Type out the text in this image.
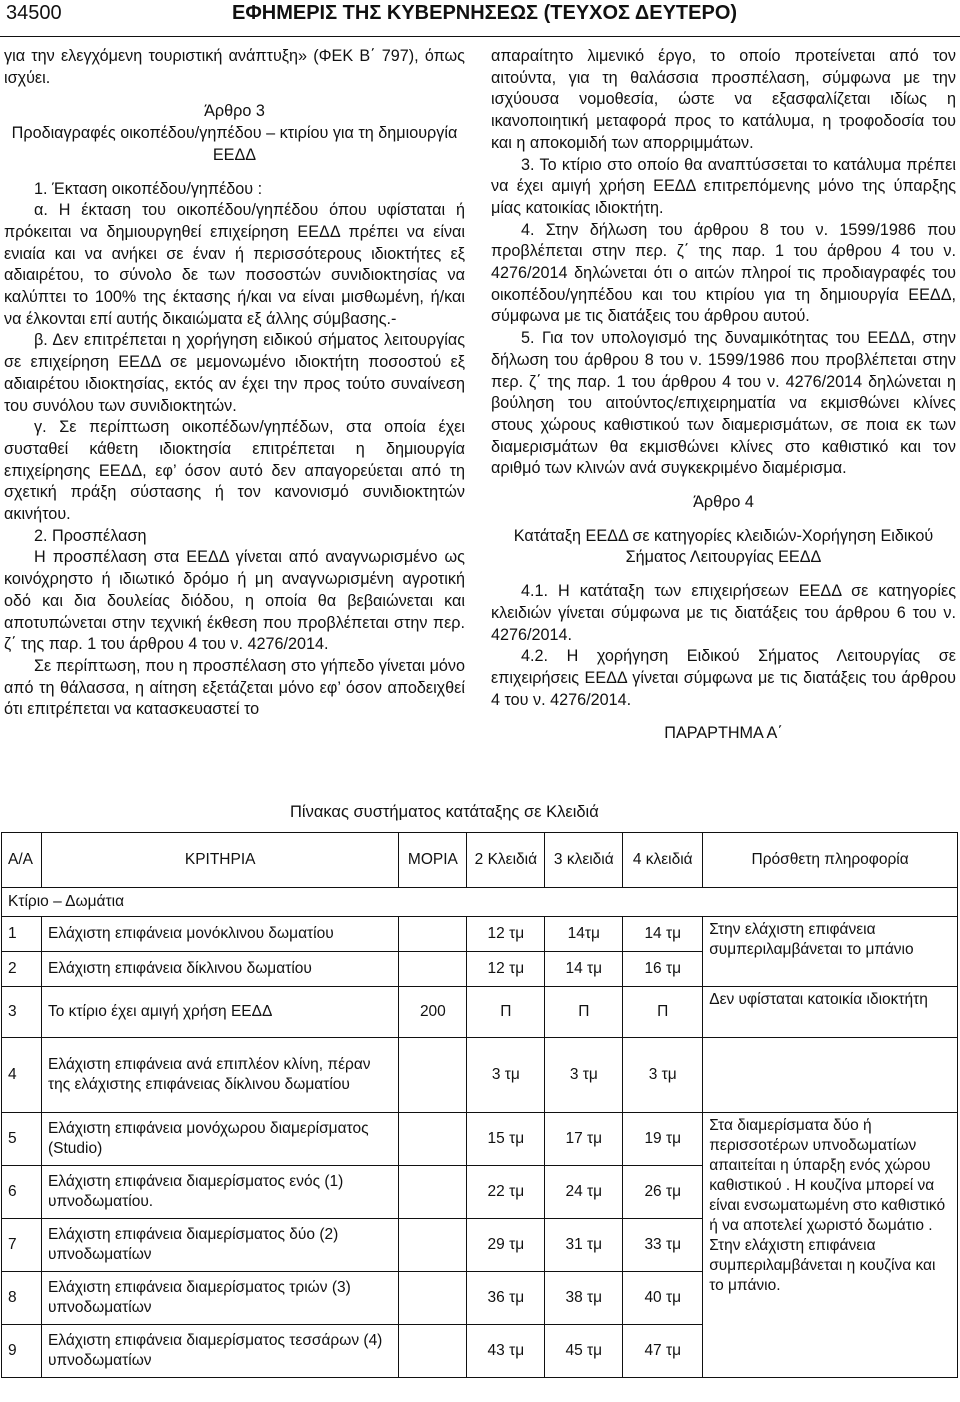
34500	ΕΦΗΜΕΡΙΣ ΤΗΣ ΚΥΒΕΡΝΗΣΕΩΣ (ΤΕΥΧΟΣ ΔΕΥΤΕΡΟ)

για την ελεγχόμενη τουριστική ανάπτυξη» (ΦΕΚ Β΄ 797), όπως ισχύει.

Άρθρο 3

Προδιαγραφές οικοπέδου/γηπέδου – κτιρίου για τη δημιουργία ΕΕΔΔ

1. Έκταση οικοπέδου/γηπέδου :

α. Η έκταση του οικοπέδου/γηπέδου όπου υφίσταται ή πρόκειται να δημιουργηθεί επιχείρηση ΕΕΔΔ πρέπει να είναι ενιαία και να ανήκει σε έναν ή περισσότερους ιδιοκτήτες εξ αδιαιρέτου, το σύνολο δε των ποσοστών συνιδιοκτησίας να καλύπτει το 100% της έκτασης ή/και να είναι μισθωμένη, ή/και να έλκονται επί αυτής δικαιώματα εξ άλλης σύμβασης.-

β. Δεν επιτρέπεται η χορήγηση ειδικού σήματος λειτουργίας σε επιχείρηση ΕΕΔΔ σε μεμονωμένο ιδιοκτήτη ποσοστού εξ αδιαιρέτου ιδιοκτησίας, εκτός αν έχει την προς τούτο συναίνεση του συνόλου των συνιδιοκτητών.

γ. Σε περίπτωση οικοπέδων/γηπέδων, στα οποία έχει συσταθεί κάθετη ιδιοκτησία επιτρέπεται η δημιουργία επιχείρησης ΕΕΔΔ, εφ’ όσον αυτό δεν απαγορεύεται από τη σχετική πράξη σύστασης ή τον κανονισμό συνιδιοκτητών ακινήτου.

2. Προσπέλαση

Η προσπέλαση στα ΕΕΔΔ γίνεται από αναγνωρισμένο ως κοινόχρηστο ή ιδιωτικό δρόμο ή μη αναγνωρισμένη αγροτική οδό και δια δουλείας διόδου, η οποία θα βεβαιώνεται και αποτυπώνεται στην τεχνική έκθεση που προβλέπεται στην περ. ζ΄ της παρ. 1 του άρθρου 4 του ν. 4276/2014.

Σε περίπτωση, που η προσπέλαση στο γήπεδο γίνεται μόνο από τη θάλασσα, η αίτηση εξετάζεται μόνο εφ’ όσον αποδειχθεί ότι επιτρέπεται να κατασκευαστεί το

απαραίτητο λιμενικό έργο, το οποίο προτείνεται από τον αιτούντα, για τη θαλάσσια προσπέλαση, σύμφωνα με την ισχύουσα νομοθεσία, ώστε να εξασφαλίζεται ιδίως η ικανοποιητική μεταφορά προς το κατάλυμα, η τροφοδοσία του και η αποκομιδή των απορριμμάτων.

3. Το κτίριο στο οποίο θα αναπτύσσεται το κατάλυμα πρέπει να έχει αμιγή χρήση ΕΕΔΔ επιτρεπόμενης μόνο της ύπαρξης μίας κατοικίας ιδιοκτήτη.

4. Στην δήλωση του άρθρου 8 του ν. 1599/1986 που προβλέπεται στην περ. ζ΄ της παρ. 1 του άρθρου 4 του ν. 4276/2014 δηλώνεται ότι ο αιτών πληροί τις προδιαγραφές του οικοπέδου/γηπέδου και του κτιρίου για τη δημιουργία ΕΕΔΔ, σύμφωνα με τις διατάξεις του άρθρου αυτού.

5. Για τον υπολογισμό της δυναμικότητας του ΕΕΔΔ, στην δήλωση του άρθρου 8 του ν. 1599/1986 που προβλέπεται στην περ. ζ΄ της παρ. 1 του άρθρου 4 του ν. 4276/2014 δηλώνεται η βούληση του αιτούντος/επιχειρηματία να εκμισθώνει κλίνες στους χώρους καθιστικού των διαμερισμάτων, σε ποια εκ των διαμερισμάτων θα εκμισθώνει κλίνες στο καθιστικό και τον αριθμό των κλινών ανά συγκεκριμένο διαμέρισμα.

Άρθρο 4

Κατάταξη ΕΕΔΔ σε κατηγορίες κλειδιών-Χορήγηση Ειδικού Σήματος Λειτουργίας ΕΕΔΔ

4.1. Η κατάταξη των επιχειρήσεων ΕΕΔΔ σε κατηγορίες κλειδιών γίνεται σύμφωνα με τις διατάξεις του άρθρου 6 του ν. 4276/2014.

4.2. Η χορήγηση Ειδικού Σήματος Λειτουργίας σε επιχειρήσεις ΕΕΔΔ γίνεται σύμφωνα με τις διατάξεις του άρθρου 4 του ν. 4276/2014.

ΠΑΡΑΡΤΗΜΑ Α΄

Πίνακας συστήματος κατάταξης σε Κλειδιά
Α/Α	ΚΡΙΤΗΡΙΑ	ΜΟΡΙΑ	2 Κλειδιά	3 κλειδιά	4 κλειδιά	Πρόσθετη πληροφορία
Κτίριο – Δωμάτια						
1	Ελάχιστη επιφάνεια μονόκλινου δωματίου		12 τμ	14τμ	14 τμ	Στην ελάχιστη επιφάνεια συμπεριλαμβάνεται το μπάνιο
2	Ελάχιστη επιφάνεια δίκλινου δωματίου		12 τμ	14 τμ	16 τμ	
3	Το κτίριο έχει αμιγή χρήση ΕΕΔΔ	200	Π	Π	Π	Δεν υφίσταται κατοικία ιδιοκτήτη
4	Ελάχιστη επιφάνεια ανά επιπλέον κλίνη, πέραν της ελάχιστης επιφάνειας δίκλινου δωματίου		3 τμ	3 τμ	3 τμ	
5	Ελάχιστη επιφάνεια μονόχωρου διαμερίσματος (Studio)		15 τμ	17 τμ	19 τμ	Στα διαμερίσματα δύο ή περισσοτέρων υπνοδωματίων απαιτείται η ύπαρξη ενός χώρου καθιστικού . Η κουζίνα μπορεί να είναι ενσωματωμένη στο καθιστικό ή να αποτελεί χωριστό δωμάτιο . Στην ελάχιστη επιφάνεια συμπεριλαμβάνεται η κουζίνα και το μπάνιο.
6	Ελάχιστη επιφάνεια διαμερίσματος ενός (1) υπνοδωματίου.		22 τμ	24 τμ	26 τμ	
7	Ελάχιστη επιφάνεια διαμερίσματος δύο (2) υπνοδωματίων		29 τμ	31 τμ	33 τμ	
8	Ελάχιστη επιφάνεια διαμερίσματος τριών (3) υπνοδωματίων		36 τμ	38 τμ	40 τμ	
9	Ελάχιστη επιφάνεια διαμερίσματος τεσσάρων (4) υπνοδωματίων		43 τμ	45 τμ	47 τμ	
